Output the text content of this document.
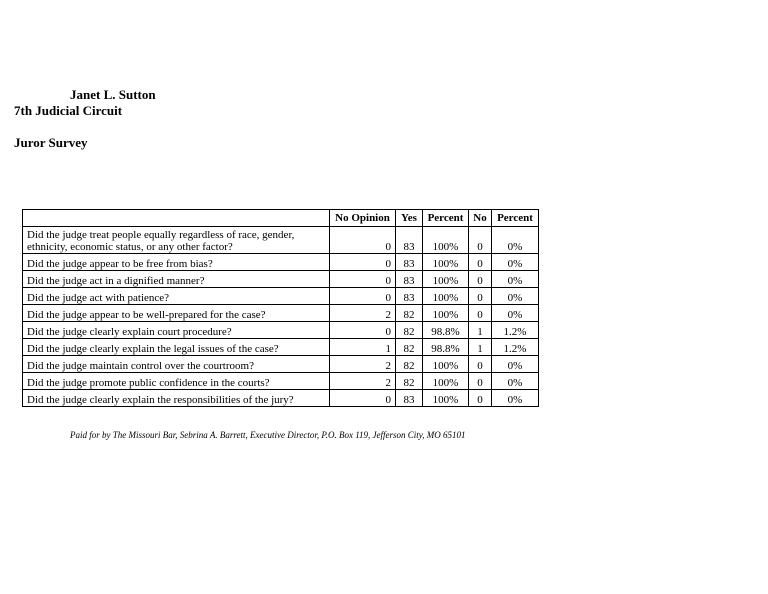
Janet L. Sutton
7th Judicial Circuit
Juror Survey
	No Opinion	Yes	Percent	No	Percent
Did the judge treat people equally regardless of race, gender, ethnicity, economic status, or any other factor?	0	83	100%	0	0%
Did the judge appear to be free from bias?	0	83	100%	0	0%
Did the judge act in a dignified manner?	0	83	100%	0	0%
Did the judge act with patience?	0	83	100%	0	0%
Did the judge appear to be well-prepared for the case?	2	82	100%	0	0%
Did the judge clearly explain court procedure?	0	82	98.8%	1	1.2%
Did the judge clearly explain the legal issues of the case?	1	82	98.8%	1	1.2%
Did the judge maintain control over the courtroom?	2	82	100%	0	0%
Did the judge promote public confidence in the courts?	2	82	100%	0	0%
Did the judge clearly explain the responsibilities of the jury?	0	83	100%	0	0%
Paid for by The Missouri Bar, Sebrina A. Barrett, Executive Director, P.O. Box 119, Jefferson City, MO 65101
